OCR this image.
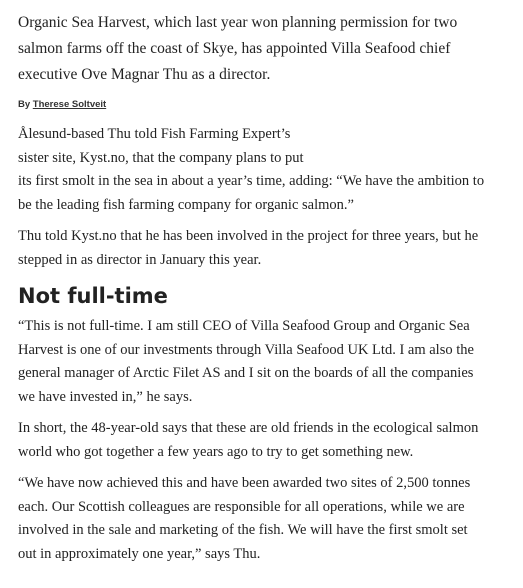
Organic Sea Harvest, which last year won planning permission for two
salmon farms off the coast of Skye, has appointed Villa Seafood chief
executive Ove Magnar Thu as a director.

By Therese Soltveit

Ålesund-based Thu told Fish Farming Expert’s
sister site, Kyst.no, that the company plans to put
its first smolt in the sea in about a year’s time, adding: “We have the ambition to
be the leading fish farming company for organic salmon.”

Thu told Kyst.no that he has been involved in the project for three years, but he
stepped in as director in January this year.

Not full-time

“This is not full-time. I am still CEO of Villa Seafood Group and Organic Sea
Harvest is one of our investments through Villa Seafood UK Ltd. I am also the
general manager of Arctic Filet AS and I sit on the boards of all the companies
we have invested in,” he says.

In short, the 48-year-old says that these are old friends in the ecological salmon
world who got together a few years ago to try to get something new.

“We have now achieved this and have been awarded two sites of 2,500 tonnes
each. Our Scottish colleagues are responsible for all operations, while we are
involved in the sale and marketing of the fish. We will have the first smolt set
out in approximately one year,” says Thu.
